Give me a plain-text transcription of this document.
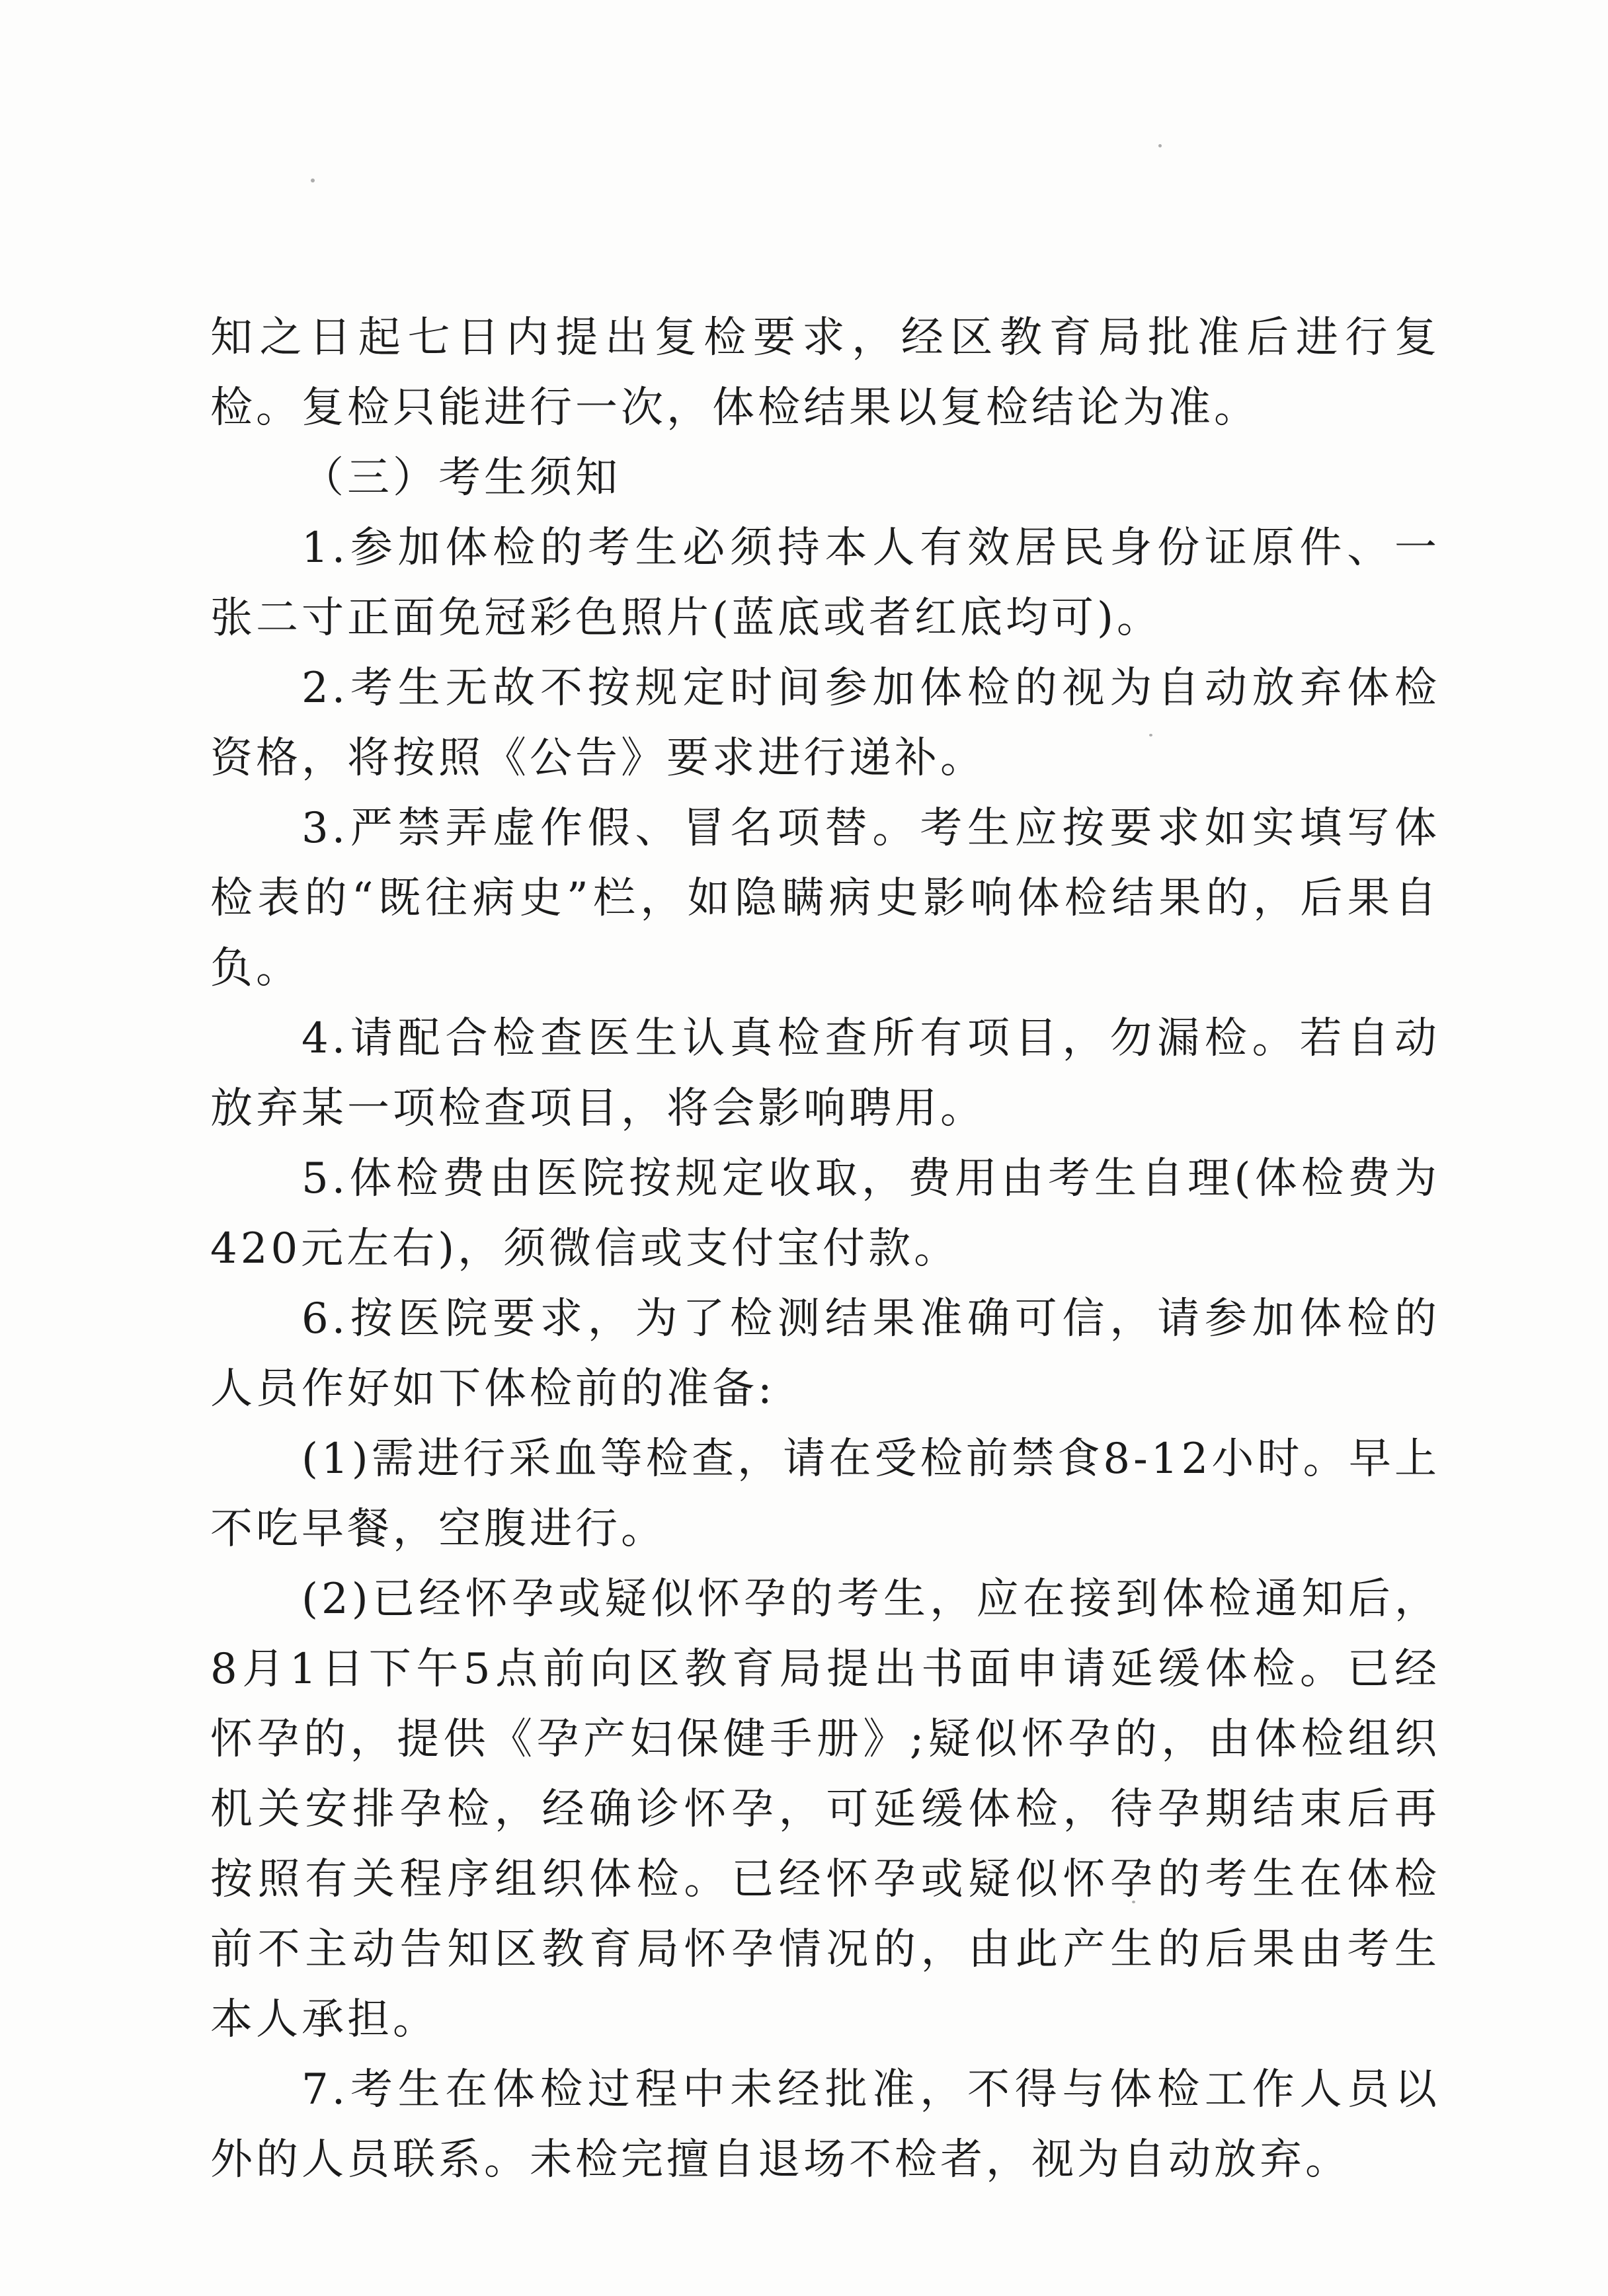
知之日起七日内提出复检要求，经区教育局批准后进行复检。复检只能进行一次，体检结果以复检结论为准。

（三）考生须知

1.参加体检的考生必须持本人有效居民身份证原件、一张二寸正面免冠彩色照片(蓝底或者红底均可)。

2.考生无故不按规定时间参加体检的视为自动放弃体检资格，将按照《公告》要求进行递补。

3.严禁弄虚作假、冒名项替。考生应按要求如实填写体检表的“既往病史”栏，如隐瞒病史影响体检结果的，后果自负。

4.请配合检查医生认真检查所有项目，勿漏检。若自动放弃某一项检查项目，将会影响聘用。

5.体检费由医院按规定收取，费用由考生自理(体检费为420元左右)，须微信或支付宝付款。

6.按医院要求，为了检测结果准确可信，请参加体检的人员作好如下体检前的准备:

(1)需进行采血等检查，请在受检前禁食8-12小时。早上不吃早餐，空腹进行。

(2)已经怀孕或疑似怀孕的考生，应在接到体检通知后，8月1日下午5点前向区教育局提出书面申请延缓体检。已经怀孕的，提供《孕产妇保健手册》;疑似怀孕的，由体检组织机关安排孕检，经确诊怀孕，可延缓体检，待孕期结束后再按照有关程序组织体检。已经怀孕或疑似怀孕的考生在体检前不主动告知区教育局怀孕情况的，由此产生的后果由考生本人承担。

7.考生在体检过程中未经批准，不得与体检工作人员以外的人员联系。未检完擅自退场不检者，视为自动放弃。
